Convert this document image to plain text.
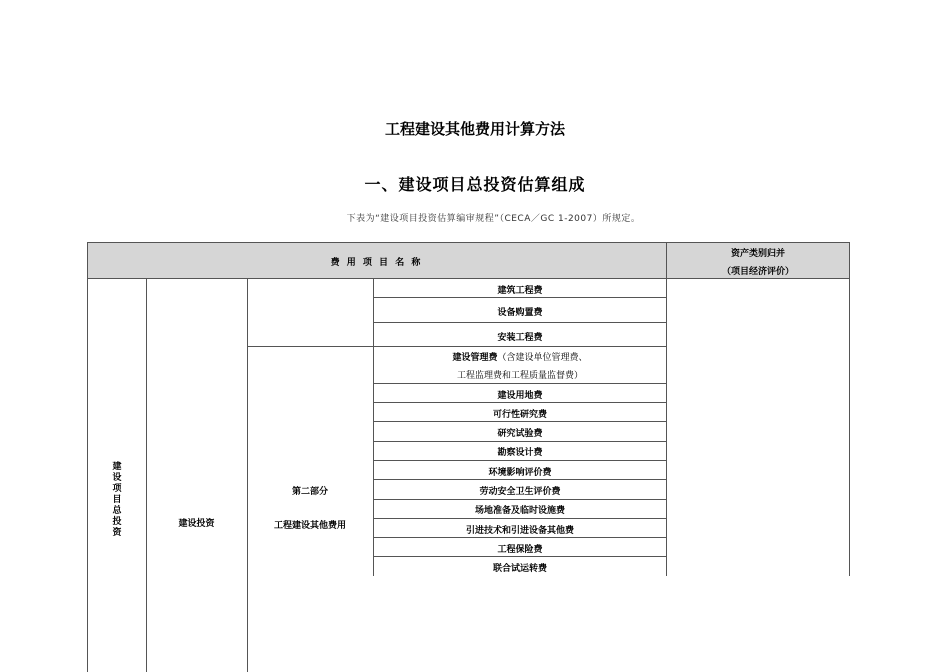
工程建设其他费用计算方法
一、建设项目总投资估算组成
下表为“建设项目投资估算编审规程”（CECA／GC 1-2007）所规定。
费 用 项 目 名 称
资产类别归并
（项目经济评价）
建设项目总投资
建设投资
第二部分
工程建设其他费用
建筑工程费
设备购置费
安装工程费
建设管理费（含建设单位管理费、
工程监理费和工程质量监督费）
建设用地费
可行性研究费
研究试验费
勘察设计费
环境影响评价费
劳动安全卫生评价费
场地准备及临时设施费
引进技术和引进设备其他费
工程保险费
联合试运转费
